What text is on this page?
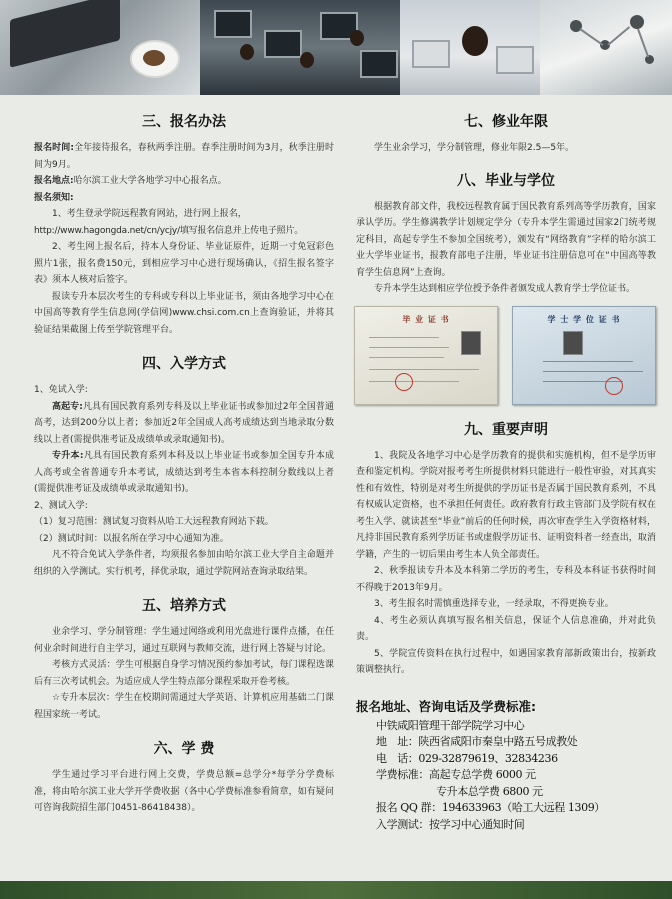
三、报名办法

报名时间:全年接待报名，春秋两季注册。春季注册时间为3月，秋季注册时间为9月。

报名地点:哈尔滨工业大学各地学习中心报名点。

报名须知:

1、考生登录学院远程教育网站，进行网上报名，

http://www.hagongda.net/cn/ycjy/填写报名信息并上传电子照片。

2、考生网上报名后，持本人身份证、毕业证原件，近期一寸免冠彩色照片1张，报名费150元，到相应学习中心进行现场确认，《招生报名签字表》须本人核对后签字。

报读专升本层次考生的专科或专科以上毕业证书，须由各地学习中心在中国高等教育学生信息网(学信网)www.chsi.com.cn上查询验证，并将其验证结果截图上传至学院管理平台。

四、入学方式

1、免试入学:

高起专:凡具有国民教育系列专科及以上毕业证书或参加过2年全国普通高考，达到200分以上者；参加近2年全国成人高考成绩达到当地录取分数线以上者(需提供准考证及成绩单或录取通知书)。

专升本:凡具有国民教育系列本科及以上毕业证书或参加全国专升本成人高考或全省普通专升本考试，成绩达到考生本省本科控制分数线以上者(需提供准考证及成绩单或录取通知书)。

2、测试入学:

（1）复习范围：测试复习资料从哈工大远程教育网站下载。

（2）测试时间：以报名所在学习中心通知为准。

凡不符合免试入学条件者，均须报名参加由哈尔滨工业大学自主命题并组织的入学测试。实行机考，择优录取，通过学院网站查询录取结果。

五、培养方式

业余学习、学分制管理：学生通过网络或利用光盘进行课件点播，在任何业余时间进行自主学习，通过互联网与教师交流，进行网上答疑与讨论。

考核方式灵活：学生可根据自身学习情况预约参加考试，每门课程选课后有三次考试机会。为适应成人学生特点部分课程采取开卷考核。

☆专升本层次：学生在校期间需通过大学英语、计算机应用基础二门课程国家统一考试。

六、学 费

学生通过学习平台进行网上交费，学费总额=总学分*每学分学费标准，将由哈尔滨工业大学开学费收据（各中心学费标准参看简章，如有疑问可咨询我院招生部门0451-86418438）。

七、修业年限

学生业余学习，学分制管理，修业年限2.5—5年。

八、毕业与学位

根据教育部文件，我校远程教育属于国民教育系列高等学历教育，国家承认学历。学生修满教学计划规定学分（专升本学生需通过国家2门统考规定科目，高起专学生不参加全国统考），颁发有“网络教育”字样的哈尔滨工业大学毕业证书，报教育部电子注册，毕业证书注册信息可在“中国高等教育学生信息网”上查询。

专升本学生达到相应学位授予条件者颁发成人教育学士学位证书。

毕 业 证 书	学 士 学 位 证 书
九、重要声明

1、我院及各地学习中心是学历教育的提供和实施机构，但不是学历审查和鉴定机构。学院对报考考生所提供材料只能进行一般性审验，对其真实性和有效性，特别是对考生所提供的学历证书是否属于国民教育系列，不具有权威认定资格，也不承担任何责任。政府教育行政主管部门及学院有权在考生入学、就读甚至“毕业”前后的任何时候，再次审查学生入学资格材料，凡持非国民教育系列学历证书或虚假学历证书、证明资料者一经查出，取消学籍，产生的一切后果由考生本人负全部责任。

2、秋季报读专升本及本科第二学历的考生，专科及本科证书获得时间不得晚于2013年9月。

3、考生报名时需慎重选择专业，一经录取，不得更换专业。

4、考生必须认真填写报名相关信息，保证个人信息准确，并对此负责。

5、学院宣传资料在执行过程中，如遇国家教育部新政策出台，按新政策调整执行。

报名地址、咨询电话及学费标准:

中铁咸阳管理干部学院学习中心

地　址：陕西省咸阳市秦皇中路五号成教处

电　话：029-32879619、32834236

学费标准：高起专总学费 6000 元

专升本总学费 6800 元

报名 QQ 群：194633963（哈工大远程 1309）

入学测试：按学习中心通知时间
